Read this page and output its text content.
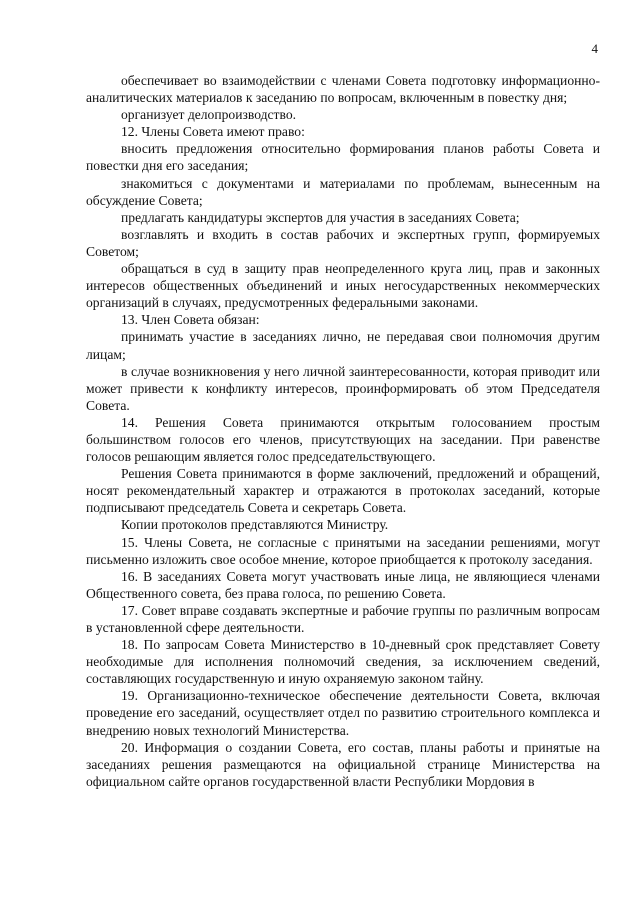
4

обеспечивает во взаимодействии с членами Совета подготовку информационно-аналитических материалов к заседанию по вопросам, включенным в повестку дня;

организует делопроизводство.

12. Члены Совета имеют право:

вносить предложения относительно формирования планов работы Совета и повестки дня его заседания;

знакомиться с документами и материалами по проблемам, вынесенным на обсуждение Совета;

предлагать кандидатуры экспертов для участия в заседаниях Совета;

возглавлять и входить в состав рабочих и экспертных групп, формируемых Советом;

обращаться в суд в защиту прав неопределенного круга лиц, прав и законных интересов общественных объединений и иных негосударственных некоммерческих организаций в случаях, предусмотренных федеральными законами.

13. Член Совета обязан:

принимать участие в заседаниях лично, не передавая свои полномочия другим лицам;

в случае возникновения у него личной заинтересованности, которая приводит или может привести к конфликту интересов, проинформировать об этом Председателя Совета.

14. Решения Совета принимаются открытым голосованием простым большинством голосов его членов, присутствующих на заседании. При равенстве голосов решающим является голос председательствующего.

Решения Совета принимаются в форме заключений, предложений и обращений, носят рекомендательный характер и отражаются в протоколах заседаний, которые подписывают председатель Совета и секретарь Совета.

Копии протоколов представляются Министру.

15. Члены Совета, не согласные с принятыми на заседании решениями, могут письменно изложить свое особое мнение, которое приобщается к протоколу заседания.

16. В заседаниях Совета могут участвовать иные лица, не являющиеся членами Общественного совета, без права голоса, по решению Совета.

17. Совет вправе создавать экспертные и рабочие группы по различным вопросам в установленной сфере деятельности.

18. По запросам Совета Министерство в 10-дневный срок представляет Совету необходимые для исполнения полномочий сведения, за исключением сведений, составляющих государственную и иную охраняемую законом тайну.

19. Организационно-техническое обеспечение деятельности Совета, включая проведение его заседаний, осуществляет отдел по развитию строительного комплекса и внедрению новых технологий Министерства.

20. Информация о создании Совета, его состав, планы работы и принятые на заседаниях решения размещаются на официальной странице Министерства на официальном сайте органов государственной власти Республики Мордовия в
